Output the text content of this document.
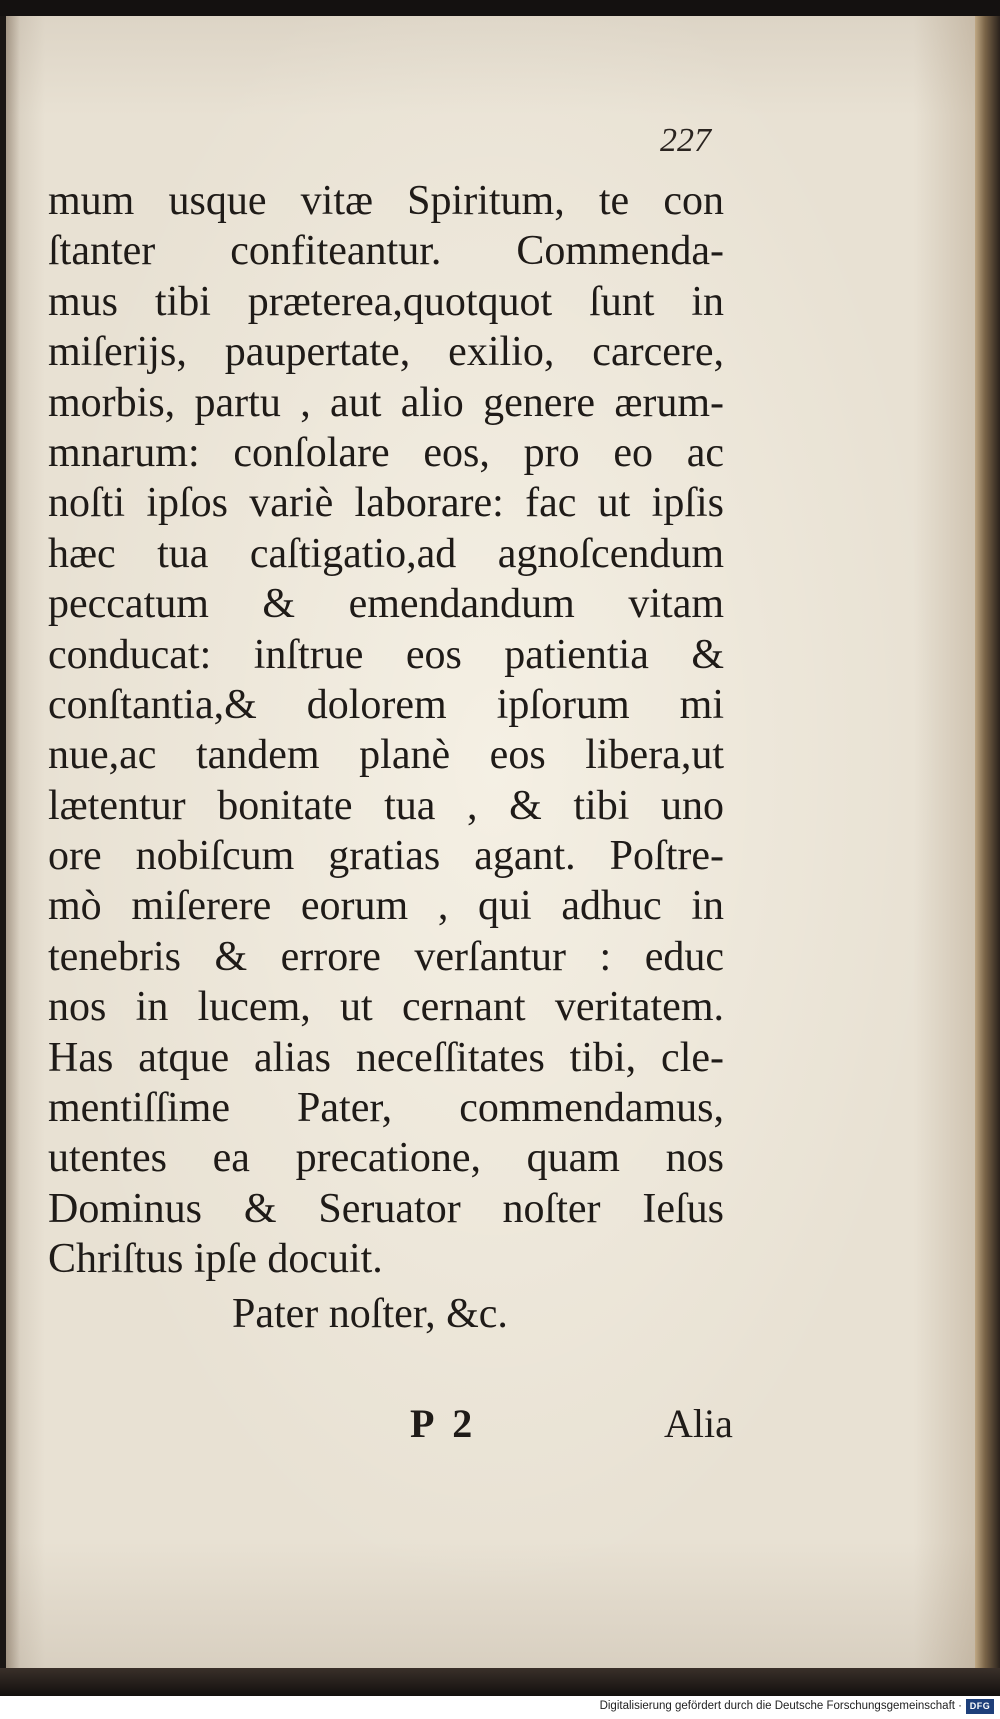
227
mum usque vitæ Spiritum, te con
ſtanter confiteantur. Commenda-
mus tibi præterea,quotquot ſunt in
miſerijs, paupertate, exilio, carcere,
morbis, partu , aut alio genere ærum-
mnarum: conſolare eos, pro eo ac
noſti ipſos variè laborare: fac ut ipſis
hæc tua caſtigatio,ad agnoſcendum
peccatum & emendandum vitam
conducat: inſtrue eos patientia &
conſtantia,& dolorem ipſorum mi
nue,ac tandem planè eos libera,ut
lætentur bonitate tua , & tibi uno
ore nobiſcum gratias agant. Poſtre-
mò miſerere eorum , qui adhuc in
tenebris & errore verſantur : educ
nos in lucem, ut cernant veritatem.
Has atque alias neceſſitates tibi, cle-
mentiſſime Pater, commendamus,
utentes ea precatione, quam nos
Dominus & Seruator noſter Ieſus
Chriſtus ipſe docuit.
Pater noſter, &c.
P  2	Alia
Digitalisierung gefördert durch die Deutsche Forschungsgemeinschaft · DFG
